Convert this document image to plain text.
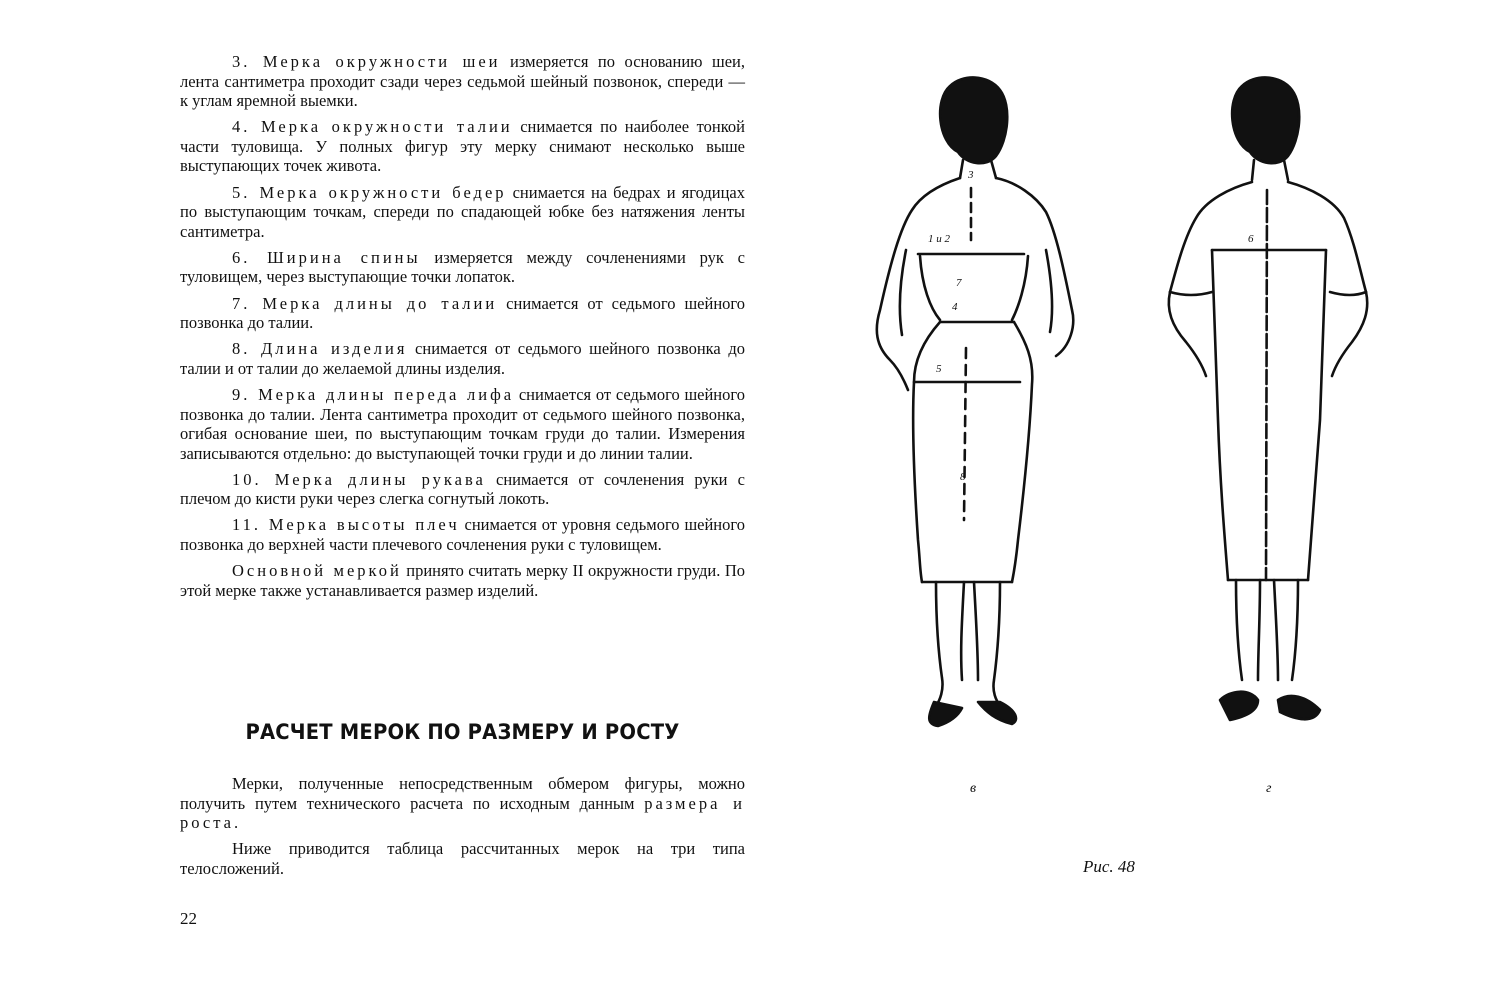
3. Мерка окружности шеи измеряется по основанию шеи, лента сантиметра проходит сзади через седьмой шейный позвонок, спереди — к углам яремной выемки.

4. Мерка окружности талии снимается по наиболее тонкой части туловища. У полных фигур эту мерку снимают несколько выше выступающих точек живота.

5. Мерка окружности бедер снимается на бедрах и ягодицах по выступающим точкам, спереди по спадающей юбке без натяжения ленты сантиметра.

6. Ширина спины измеряется между сочленениями рук с туловищем, через выступающие точки лопаток.

7. Мерка длины до талии снимается от седьмого шейного позвонка до талии.

8. Длина изделия снимается от седьмого шейного позвонка до талии и от талии до желаемой длины изделия.

9. Мерка длины переда лифа снимается от седьмого шейного позвонка до талии. Лента сантиметра проходит от седьмого шейного позвонка, огибая основание шеи, по выступающим точкам груди до талии. Измерения записываются отдельно: до выступающей точки груди и до линии талии.

10. Мерка длины рукава снимается от сочленения руки с плечом до кисти руки через слегка согнутый локоть.

11. Мерка высоты плеч снимается от уровня седьмого шейного позвонка до верхней части плечевого сочленения руки с туловищем.

Основной меркой принято считать мерку II окружности груди. По этой мерке также устанавливается размер изделий.

РАСЧЕТ МЕРОК ПО РАЗМЕРУ И РОСТУ

Мерки, полученные непосредственным обмером фигуры, можно получить путем технического расчета по исходным данным размера и роста.

Ниже приводится таблица рассчитанных мерок на три типа телосложений.

22
3
1 и 2
7
4
5
8
6
в	г
Рис. 48
